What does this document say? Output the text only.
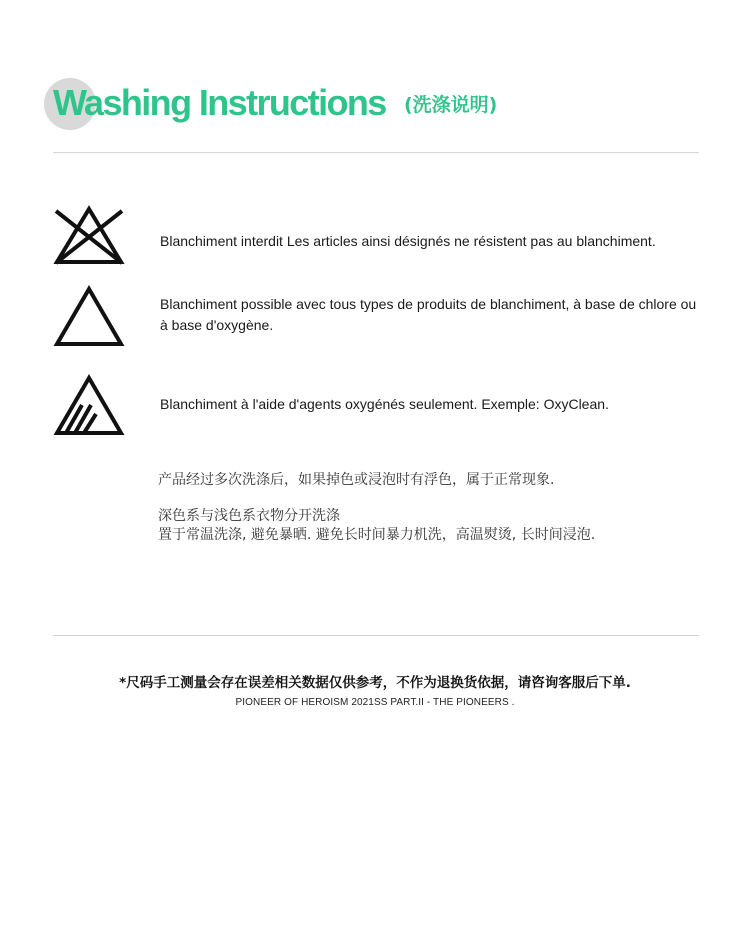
Washing Instructions (洗涤说明)
Blanchiment interdit Les articles ainsi désignés ne résistent pas au blanchiment.
Blanchiment possible avec tous types de produits de blanchiment, à base de chlore ou à base d'oxygène.
Blanchiment à l'aide d'agents oxygénés seulement. Exemple: OxyClean.
产品经过多次洗涤后，如果掉色或浸泡时有浮色，属于正常现象.
深色系与浅色系衣物分开洗涤
置于常温洗涤, 避免暴晒. 避免长时间暴力机洗，高温熨烫, 长时间浸泡.
*尺码手工测量会存在误差相关数据仅供参考，不作为退换货依据，请咨询客服后下单.
PIONEER OF HEROISM 2021SS PART.II - THE PIONEERS .
